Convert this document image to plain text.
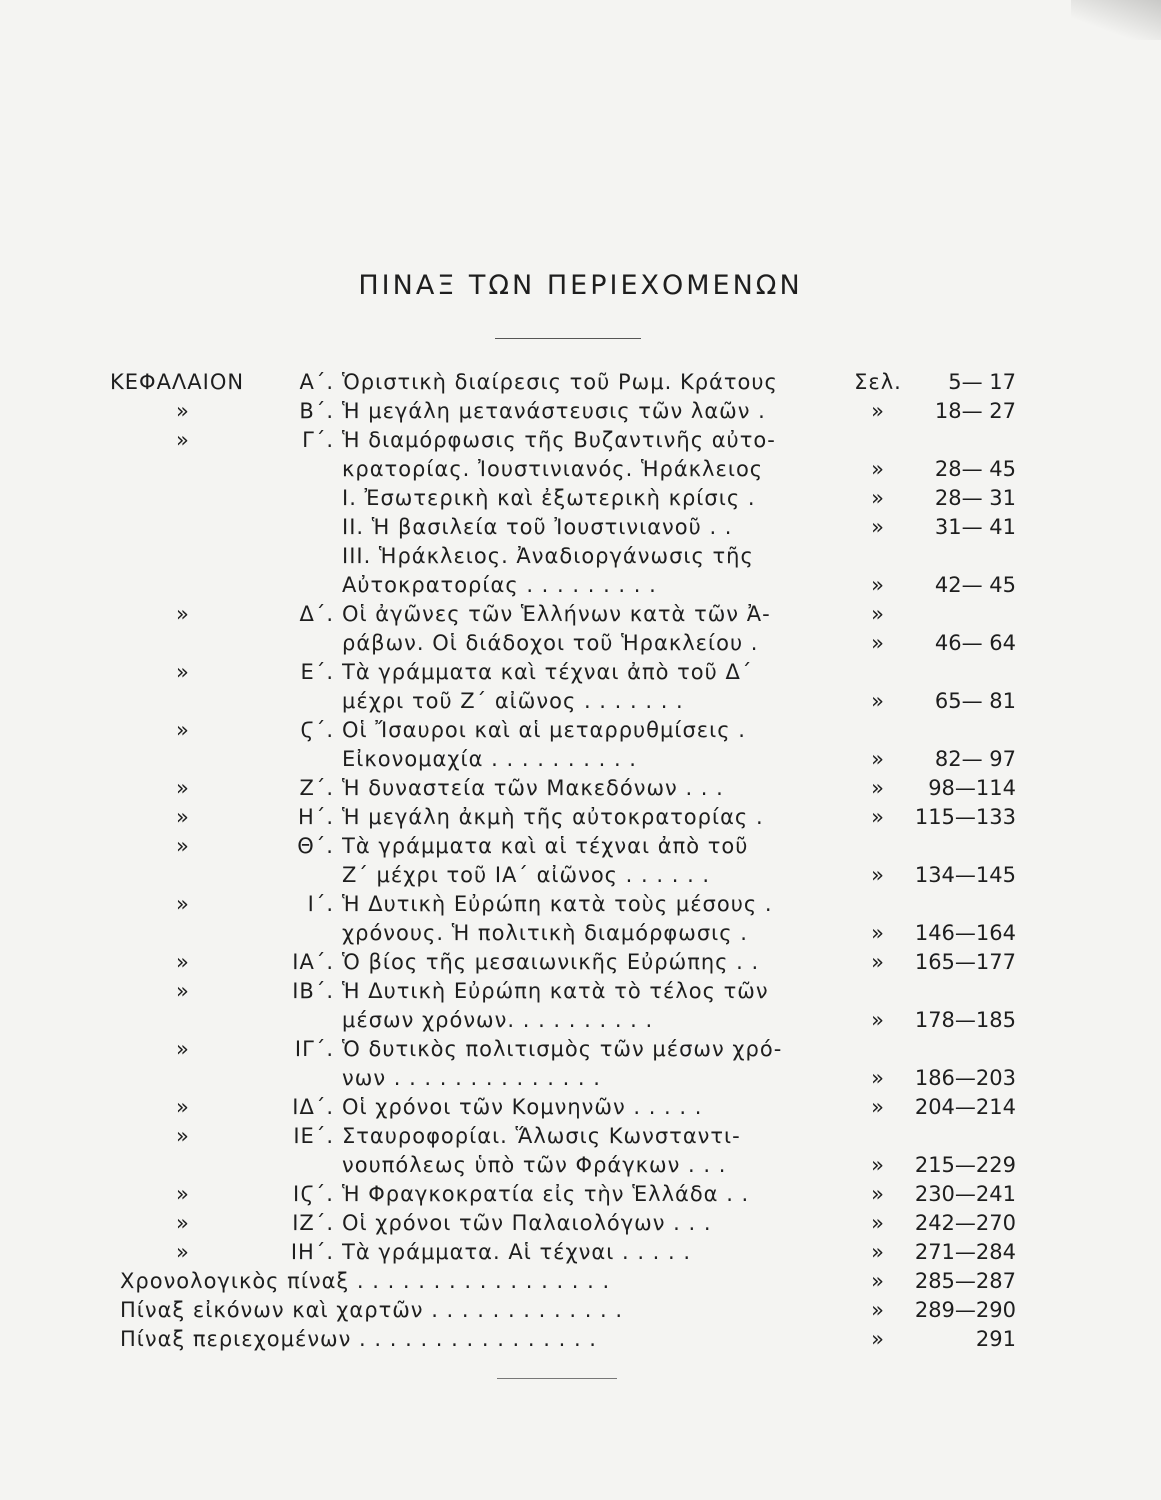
ΠΙΝΑΞ ΤΩΝ ΠΕΡΙΕΧΟΜΕΝΩΝ
ΚΕΦΑΛΑΙΟΝ	Α΄. Ὁριστικὴ διαίρεσις τοῦ Ρωμ. Κράτους	Σελ.	5— 17
»	Β΄. Ἡ μεγάλη μετανάστευσις τῶν λαῶν .	»	18— 27
»	Γ΄. Ἡ διαμόρφωσις τῆς Βυζαντινῆς αὐτο-
κρατορίας. Ἰουστινιανός. Ἡράκλειος	»	28— 45
Ι. Ἐσωτερικὴ καὶ ἐξωτερικὴ κρίσις .	»	28— 31
ΙΙ. Ἡ βασιλεία τοῦ Ἰουστινιανοῦ . .	»	31— 41
ΙΙΙ. Ἡράκλειος. Ἀναδιοργάνωσις τῆς
Αὐτοκρατορίας . . . . . . . . .	»	42— 45
»	Δ΄. Οἱ ἀγῶνες τῶν Ἑλλήνων κατὰ τῶν Ἀ-	»
ράβων. Οἱ διάδοχοι τοῦ Ἡρακλείου .	»	46— 64
»	Ε΄. Τὰ γράμματα καὶ τέχναι ἀπὸ τοῦ Δ΄
μέχρι τοῦ Ζ΄ αἰῶνος . . . . . . .	»	65— 81
»	Ϛ΄. Οἱ Ἴσαυροι καὶ αἱ μεταρρυθμίσεις .
Εἰκονομαχία . . . . . . . . . .	»	82— 97
»	Ζ΄. Ἡ δυναστεία τῶν Μακεδόνων . . .	»	98—114
»	Η΄. Ἡ μεγάλη ἀκμὴ τῆς αὐτοκρατορίας .	»	115—133
»	Θ΄. Τὰ γράμματα καὶ αἱ τέχναι ἀπὸ τοῦ
Ζ΄ μέχρι τοῦ ΙΑ΄ αἰῶνος . . . . . .	»	134—145
»	Ι΄. Ἡ Δυτικὴ Εὐρώπη κατὰ τοὺς μέσους .
χρόνους. Ἡ πολιτικὴ διαμόρφωσις .	»	146—164
»	ΙΑ΄. Ὁ βίος τῆς μεσαιωνικῆς Εὐρώπης . .	»	165—177
»	ΙΒ΄. Ἡ Δυτικὴ Εὐρώπη κατὰ τὸ τέλος τῶν
μέσων χρόνων. . . . . . . . . .	»	178—185
»	ΙΓ΄. Ὁ δυτικὸς πολιτισμὸς τῶν μέσων χρό-
νων . . . . . . . . . . . . . .	»	186—203
»	ΙΔ΄. Οἱ χρόνοι τῶν Κομνηνῶν . . . . .	»	204—214
»	ΙΕ΄. Σταυροφορίαι. Ἅλωσις Κωνσταντι-
νουπόλεως ὑπὸ τῶν Φράγκων . . .	»	215—229
»	ΙϚ΄. Ἡ Φραγκοκρατία εἰς τὴν Ἑλλάδα . .	»	230—241
»	ΙΖ΄. Οἱ χρόνοι τῶν Παλαιολόγων . . .	»	242—270
»	ΙΗ΄. Τὰ γράμματα. Αἱ τέχναι . . . . .	»	271—284
Χρονολογικὸς πίναξ . . . . . . . . . . . . . . . . .	»	285—287
Πίναξ εἰκόνων καὶ χαρτῶν . . . . . . . . . . . . .	»	289—290
Πίναξ περιεχομένων . . . . . . . . . . . . . . . .	»	291
